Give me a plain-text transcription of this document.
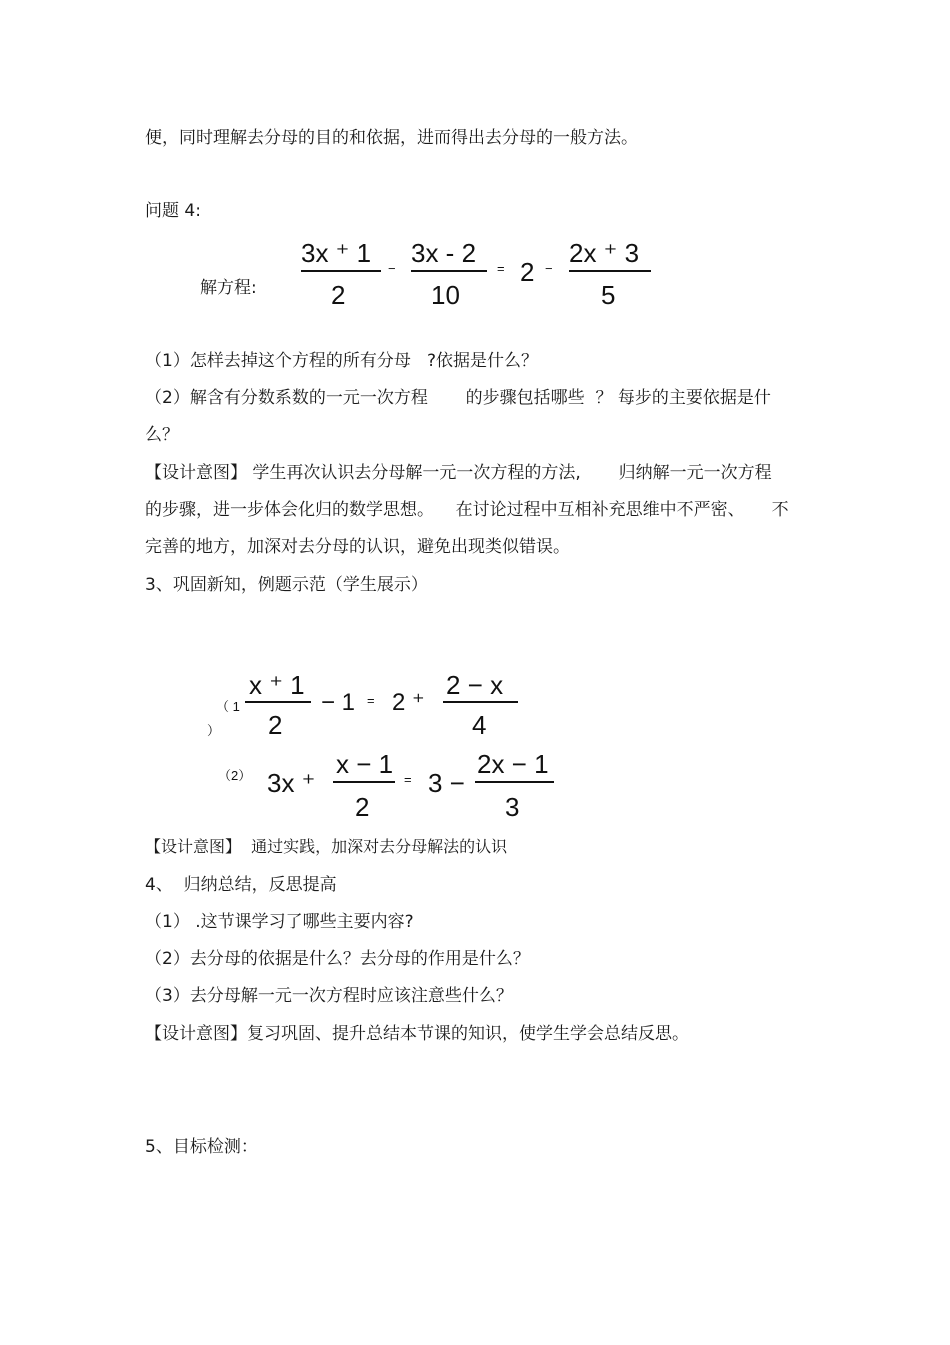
便，同时理解去分母的目的和依据，进而得出去分母的一般方法。
问题 4:
解方程:
3x ⁺ 1
2
−
3x - 2
10
= 2 −
2x ⁺ 3
5
（1）怎样去掉这个方程的所有分母   ?依据是什么？
（2）解含有分数系数的一元一次方程       的步骤包括哪些  ？ 每步的主要依据是什
么？
【设计意图】 学生再次认识去分母解一元一次方程的方法,       归纳解一元一次方程
的步骤，进一步体会化归的数学思想。    在讨论过程中互相补充思维中不严密、     不
完善的地方，加深对去分母的认识，避免出现类似错误。
3、巩固新知，例题示范（学生展示）
（ 1
）
x ⁺ 1
2
− 1 = 2 ⁺
2 − x
4
（2） 3x ⁺
x − 1
2
= 3 −
2x − 1
3
【设计意图】  通过实践，加深对去分母解法的认识
4、  归纳总结，反思提高
（1） .这节课学习了哪些主要内容?
（2）去分母的依据是什么？去分母的作用是什么？
（3）去分母解一元一次方程时应该注意些什么？
【设计意图】复习巩固、提升总结本节课的知识，使学生学会总结反思。
5、目标检测：
